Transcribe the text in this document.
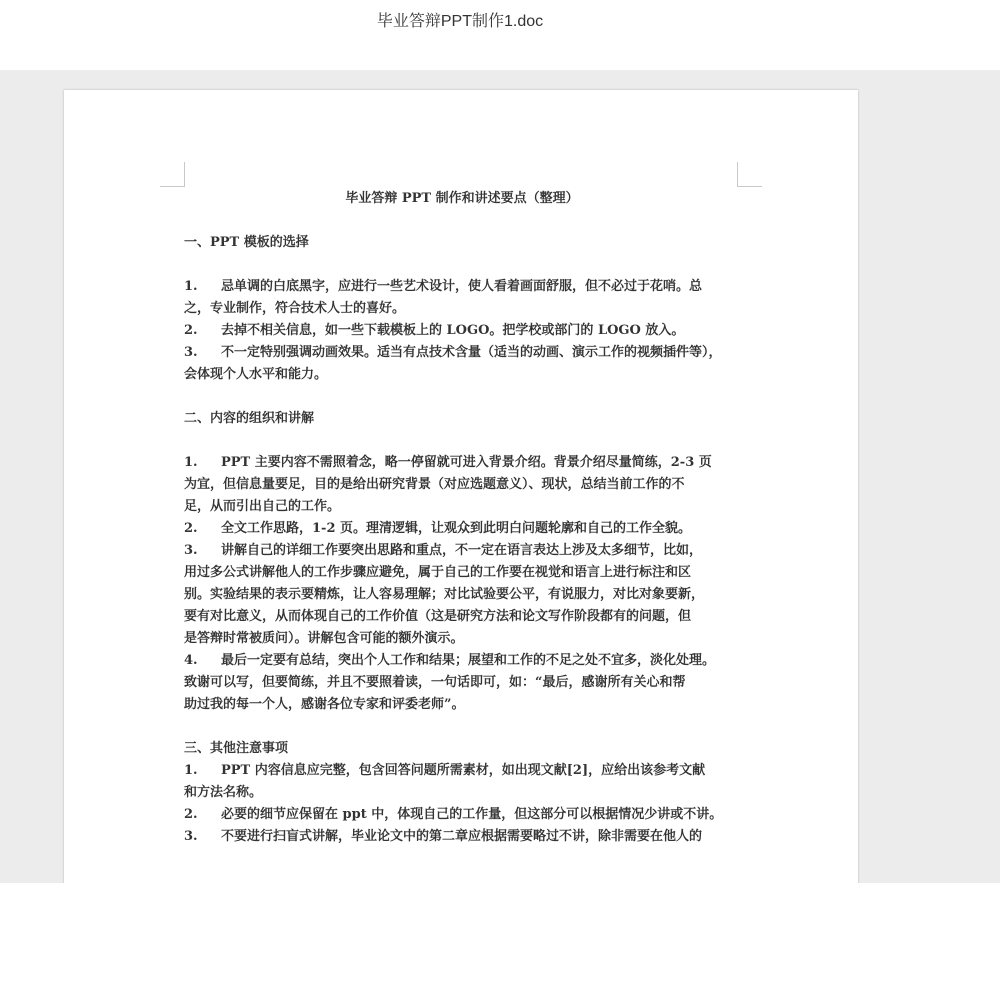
毕业答辩PPT制作1.doc
毕业答辩 PPT 制作和讲述要点（整理）
一、PPT 模板的选择
1. 忌单调的白底黑字，应进行一些艺术设计，使人看着画面舒服，但不必过于花哨。总
之，专业制作，符合技术人士的喜好。
2. 去掉不相关信息，如一些下载模板上的 LOGO。把学校或部门的 LOGO 放入。
3. 不一定特别强调动画效果。适当有点技术含量（适当的动画、演示工作的视频插件等），
会体现个人水平和能力。
二、内容的组织和讲解
1. PPT 主要内容不需照着念，略一停留就可进入背景介绍。背景介绍尽量简练，2-3 页
为宜，但信息量要足，目的是给出研究背景（对应选题意义）、现状，总结当前工作的不
足，从而引出自己的工作。
2. 全文工作思路，1-2 页。理清逻辑，让观众到此明白问题轮廓和自己的工作全貌。
3. 讲解自己的详细工作要突出思路和重点，不一定在语言表达上涉及太多细节，比如，
用过多公式讲解他人的工作步骤应避免，属于自己的工作要在视觉和语言上进行标注和区
别。实验结果的表示要精炼，让人容易理解；对比试验要公平，有说服力，对比对象要新，
要有对比意义，从而体现自己的工作价值（这是研究方法和论文写作阶段都有的问题，但
是答辩时常被质问）。讲解包含可能的额外演示。
4. 最后一定要有总结，突出个人工作和结果；展望和工作的不足之处不宜多，淡化处理。
致谢可以写，但要简练，并且不要照着读，一句话即可，如：“最后，感谢所有关心和帮
助过我的每一个人，感谢各位专家和评委老师”。
三、其他注意事项
1. PPT 内容信息应完整，包含回答问题所需素材，如出现文献[2]，应给出该参考文献
和方法名称。
2. 必要的细节应保留在 ppt 中，体现自己的工作量，但这部分可以根据情况少讲或不讲。
3. 不要进行扫盲式讲解，毕业论文中的第二章应根据需要略过不讲，除非需要在他人的
